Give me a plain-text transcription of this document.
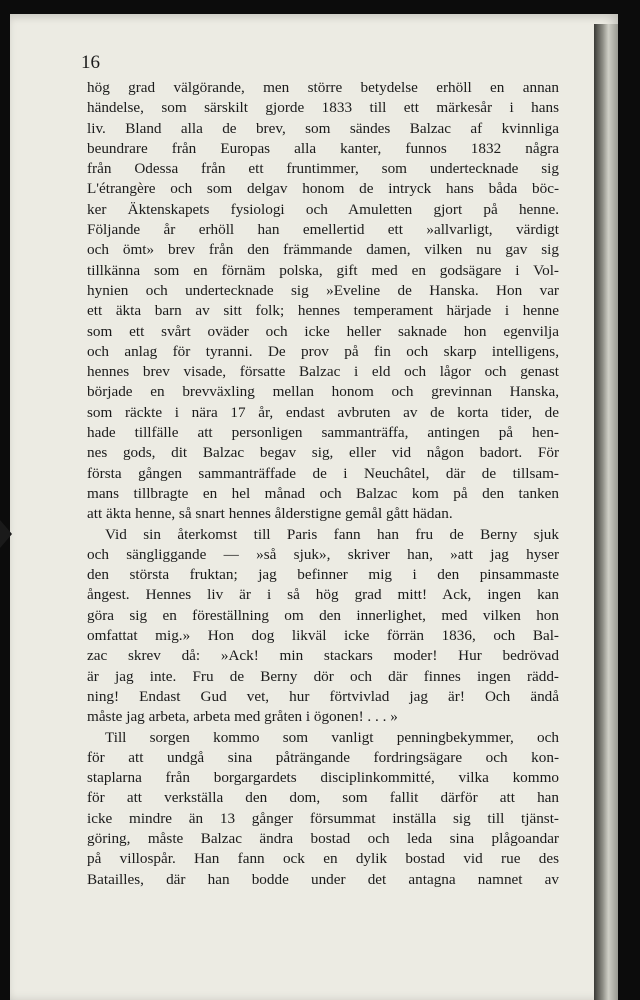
16
hög grad välgörande, men större betydelse erhöll en annan
händelse, som särskilt gjorde 1833 till ett märkesår i hans
liv. Bland alla de brev, som sändes Balzac af kvinnliga
beundrare från Europas alla kanter, funnos 1832 några
från Odessa från ett fruntimmer, som undertecknade sig
L'étrangère och som delgav honom de intryck hans båda böc-
ker Äktenskapets fysiologi och Amuletten gjort på henne.
Följande år erhöll han emellertid ett »allvarligt, värdigt
och ömt» brev från den främmande damen, vilken nu gav sig
tillkänna som en förnäm polska, gift med en godsägare i Vol-
hynien och undertecknade sig »Eveline de Hanska. Hon var
ett äkta barn av sitt folk; hennes temperament härjade i henne
som ett svårt oväder och icke heller saknade hon egenvilja
och anlag för tyranni. De prov på fin och skarp intelligens,
hennes brev visade, försatte Balzac i eld och lågor och genast
började en brevväxling mellan honom och grevinnan Hanska,
som räckte i nära 17 år, endast avbruten av de korta tider, de
hade tillfälle att personligen sammanträffa, antingen på hen-
nes gods, dit Balzac begav sig, eller vid någon badort. För
första gången sammanträffade de i Neuchâtel, där de tillsam-
mans tillbragte en hel månad och Balzac kom på den tanken
att äkta henne, så snart hennes ålderstigne gemål gått hädan.
Vid sin återkomst till Paris fann han fru de Berny sjuk
och sängliggande — »så sjuk», skriver han, »att jag hyser
den största fruktan; jag befinner mig i den pinsammaste
ångest. Hennes liv är i så hög grad mitt! Ack, ingen kan
göra sig en föreställning om den innerlighet, med vilken hon
omfattat mig.» Hon dog likväl icke förrän 1836, och Bal-
zac skrev då: »Ack! min stackars moder! Hur bedrövad
är jag inte. Fru de Berny dör och där finnes ingen rädd-
ning! Endast Gud vet, hur förtvivlad jag är! Och ändå
måste jag arbeta, arbeta med gråten i ögonen! . . . »
Till sorgen kommo som vanligt penningbekymmer, och
för att undgå sina påträngande fordringsägare och kon-
staplarna från borgargardets disciplinkommitté, vilka kommo
för att verkställa den dom, som fallit därför att han
icke mindre än 13 gånger försummat inställa sig till tjänst-
göring, måste Balzac ändra bostad och leda sina plågoandar
på villospår. Han fann ock en dylik bostad vid rue des
Batailles, där han bodde under det antagna namnet av
